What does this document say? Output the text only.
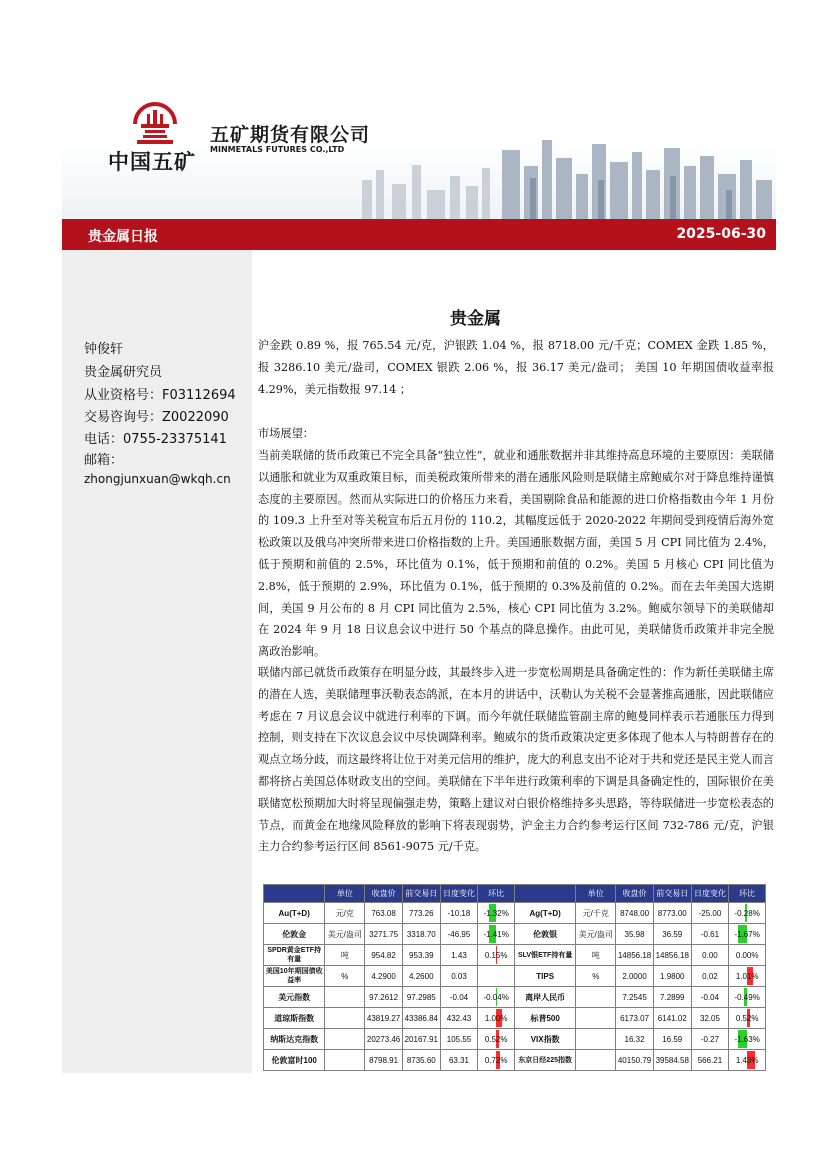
中国五矿
五矿期货有限公司
MINMETALS FUTURES CO.,LTD
贵金属日报	2025-06-30
钟俊轩
贵金属研究员
从业资格号：F03112694
交易咨询号：Z0022090
电话：0755-23375141
邮箱：
zhongjunxuan@wkqh.cn
贵金属
沪金跌 0.89 %，报 765.54 元/克，沪银跌 1.04 %，报 8718.00 元/千克；COMEX 金跌 1.85 %，报 3286.10 美元/盎司，COMEX 银跌 2.06 %，报 36.17 美元/盎司； 美国 10 年期国债收益率报 4.29%，美元指数报 97.14 ；
市场展望：
当前美联储的货币政策已不完全具备“独立性”，就业和通胀数据并非其维持高息环境的主要原因：美联储以通胀和就业为双重政策目标，而美税政策所带来的潜在通胀风险则是联储主席鲍威尔对于降息维持谨慎态度的主要原因。然而从实际进口的价格压力来看，美国剔除食品和能源的进口价格指数由今年 1 月份的 109.3 上升至对等关税宣布后五月份的 110.2，其幅度远低于 2020-2022 年期间受到疫情后海外宽松政策以及俄乌冲突所带来进口价格指数的上升。美国通胀数据方面，美国 5 月 CPI 同比值为 2.4%，低于预期和前值的 2.5%，环比值为 0.1%，低于预期和前值的 0.2%。美国 5 月核心 CPI 同比值为 2.8%，低于预期的 2.9%，环比值为 0.1%，低于预期的 0.3%及前值的 0.2%。而在去年美国大选期间，美国 9 月公布的 8 月 CPI 同比值为 2.5%，核心 CPI 同比值为 3.2%。鲍威尔领导下的美联储却在 2024 年 9 月 18 日议息会议中进行 50 个基点的降息操作。由此可见，美联储货币政策并非完全脱离政治影响。
联储内部已就货币政策存在明显分歧，其最终步入进一步宽松周期是具备确定性的：作为新任美联储主席的潜在人选，美联储理事沃勒表态鸽派，在本月的讲话中，沃勒认为关税不会显著推高通胀，因此联储应考虑在 7 月议息会议中就进行利率的下调。而今年就任联储监管副主席的鲍曼同样表示若通胀压力得到控制，则支持在下次议息会议中尽快调降利率。鲍威尔的货币政策决定更多体现了他本人与特朗普存在的观点立场分歧，而这最终将让位于对美元信用的维护，庞大的利息支出不论对于共和党还是民主党人而言都将挤占美国总体财政支出的空间。美联储在下半年进行政策利率的下调是具备确定性的，国际银价在美联储宽松预期加大时将呈现偏强走势，策略上建议对白银价格维持多头思路，等待联储进一步宽松表态的节点，而黄金在地缘风险释放的影响下将表现弱势，沪金主力合约参考运行区间 732-786 元/克，沪银主力合约参考运行区间 8561-9075 元/千克。
	单位	收盘价	前交易日	日度变化	环比		单位	收盘价	前交易日	日度变化	环比
Au(T+D)	元/克	763.08	773.26	-10.18	-1.32%	Ag(T+D)	元/千克	8748.00	8773.00	-25.00	-0.28%
伦敦金	美元/盎司	3271.75	3318.70	-46.95	-1.41%	伦敦银	美元/盎司	35.98	36.59	-0.61	-1.67%
SPDR黄金ETF持有量	吨	954.82	953.39	1.43	0.15%	SLV银ETF持有量	吨	14856.18	14856.18	0.00	0.00%
美国10年期国债收益率	%	4.2900	4.2600	0.03		TIPS	%	2.0000	1.9800	0.02	1.01%
美元指数		97.2612	97.2985	-0.04	-0.04%	离岸人民币		7.2545	7.2899	-0.04	-0.49%
道琼斯指数		43819.27	43386.84	432.43	1.00%	标普500		6173.07	6141.02	32.05	0.52%
纳斯达克指数		20273.46	20167.91	105.55	0.52%	VIX指数		16.32	16.59	-0.27	-1.63%
伦敦富时100		8798.91	8735.60	63.31	0.72%	东京日经225指数		40150.79	39584.58	566.21	1.43%
